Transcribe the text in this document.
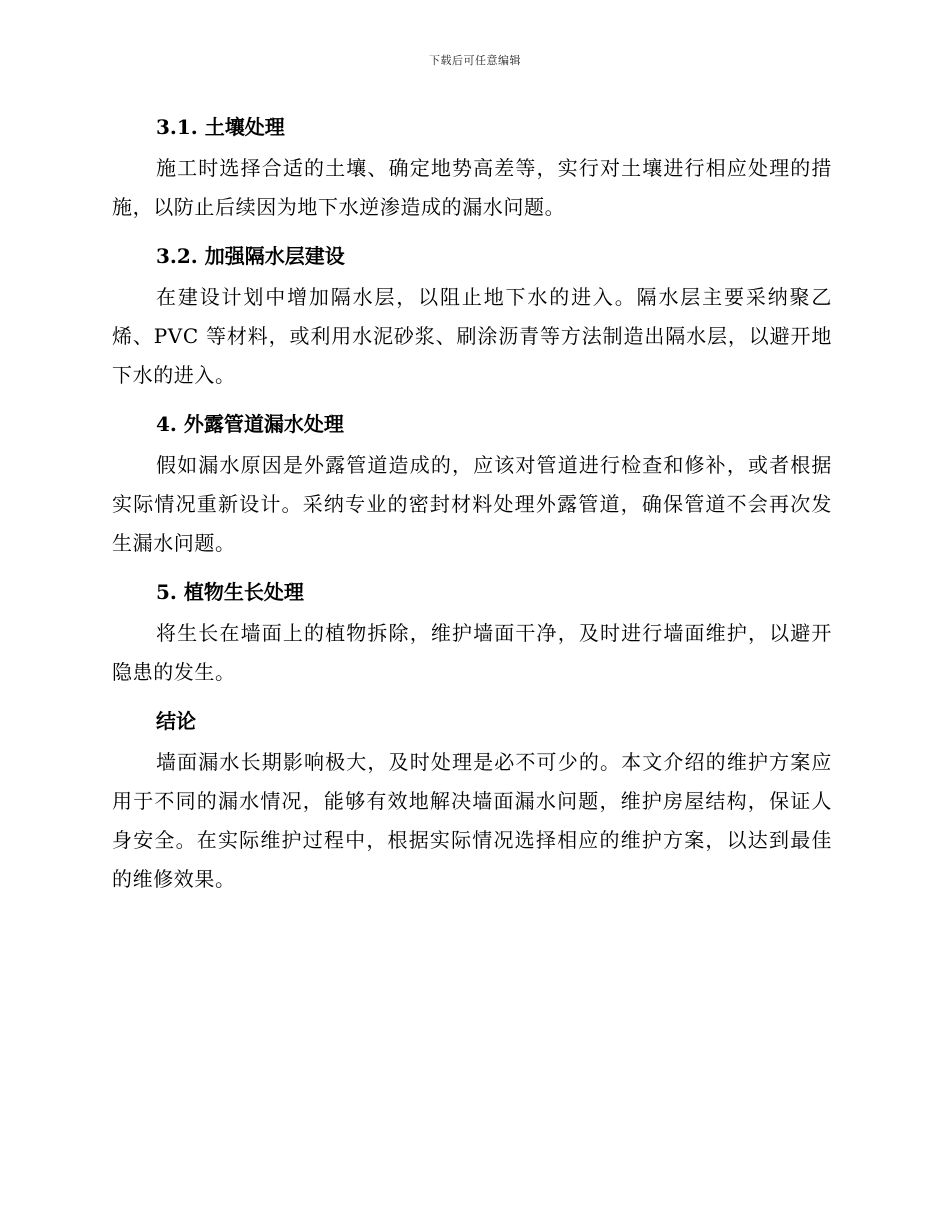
下载后可任意编辑
3.1. 土壤处理

施工时选择合适的土壤、确定地势高差等，实行对土壤进行相应处理的措施，以防止后续因为地下水逆渗造成的漏水问题。

3.2. 加强隔水层建设

在建设计划中增加隔水层，以阻止地下水的进入。隔水层主要采纳聚乙烯、PVC 等材料，或利用水泥砂浆、刷涂沥青等方法制造出隔水层，以避开地下水的进入。

4. 外露管道漏水处理

假如漏水原因是外露管道造成的，应该对管道进行检查和修补，或者根据实际情况重新设计。采纳专业的密封材料处理外露管道，确保管道不会再次发生漏水问题。

5. 植物生长处理

将生长在墙面上的植物拆除，维护墙面干净，及时进行墙面维护，以避开隐患的发生。

结论

墙面漏水长期影响极大，及时处理是必不可少的。本文介绍的维护方案应用于不同的漏水情况，能够有效地解决墙面漏水问题，维护房屋结构，保证人身安全。在实际维护过程中，根据实际情况选择相应的维护方案，以达到最佳的维修效果。
